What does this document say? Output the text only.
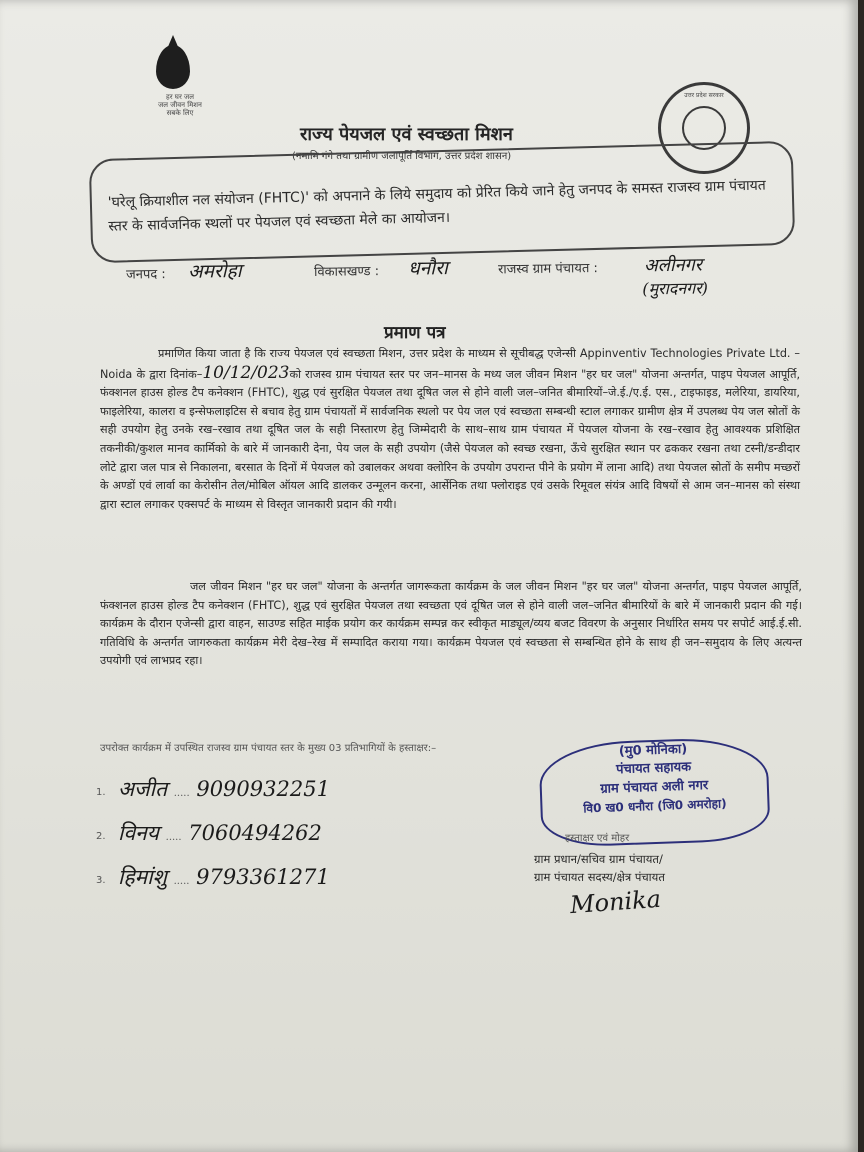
हर घर जल
जल जीवन मिशन
सबके लिए
उत्तर प्रदेश सरकार
राज्य पेयजल एवं स्वच्छता मिशन
(नमामि गंगे तथा ग्रामीण जलापूर्ति विभाग, उत्तर प्रदेश शासन)
'घरेलू क्रियाशील नल संयोजन (FHTC)' को अपनाने के लिये समुदाय को प्रेरित किये जाने हेतु जनपद के समस्त राजस्व ग्राम पंचायत स्तर के सार्वजनिक स्थलों पर पेयजल एवं स्वच्छता मेले का आयोजन।
जनपद : अमरोहा	विकासखण्ड : धनौरा	राजस्व ग्राम पंचायत :	अलीनगर
(मुरादनगर)
प्रमाण पत्र
प्रमाणित किया जाता है कि राज्य पेयजल एवं स्वच्छता मिशन, उत्तर प्रदेश के माध्यम से सूचीबद्ध एजेन्सी Appinventiv Technologies Private Ltd. – Noida के द्वारा दिनांक–10/12/023को राजस्व ग्राम पंचायत स्तर पर जन–मानस के मध्य जल जीवन मिशन "हर घर जल" योजना अन्तर्गत, पाइप पेयजल आपूर्ति, फंक्शनल हाउस होल्ड टैप कनेक्शन (FHTC), शुद्ध एवं सुरक्षित पेयजल तथा दूषित जल से होने वाली जल–जनित बीमारियों–जे.ई./ए.ई. एस., टाइफाइड, मलेरिया, डायरिया, फाइलेरिया, कालरा व इन्सेफलाइटिस से बचाव हेतु ग्राम पंचायतों में सार्वजनिक स्थलो पर पेय जल एवं स्वच्छता सम्बन्धी स्टाल लगाकर ग्रामीण क्षेत्र में उपलब्ध पेय जल स्रोतों के सही उपयोग हेतु उनके रख–रखाव तथा दूषित जल के सही निस्तारण हेतु जिम्मेदारी के साथ–साथ ग्राम पंचायत में पेयजल योजना के रख–रखाव हेतु आवश्यक प्रशिक्षित तकनीकी/कुशल मानव कार्मिको के बारे में जानकारी देना, पेय जल के सही उपयोग (जैसे पेयजल को स्वच्छ रखना, ऊँचे सुरक्षित स्थान पर ढककर रखना तथा टस्नी/डन्डीदार लोटे द्वारा जल पात्र से निकालना, बरसात के दिनों में पेयजल को उबालकर अथवा क्लोरिन के उपयोग उपरान्त पीने के प्रयोग में लाना आदि) तथा पेयजल स्रोतों के समीप मच्छरों के अण्डों एवं लार्वा का केरोसीन तेल/मोबिल ऑयल आदि डालकर उन्मूलन करना, आर्सेनिक तथा फ्लोराइड एवं उसके रिमूवल संयंत्र आदि विषयों से आम जन–मानस को संस्था द्वारा स्टाल लगाकर एक्सपर्ट के माध्यम से विस्तृत जानकारी प्रदान की गयी।
जल जीवन मिशन "हर घर जल" योजना के अन्तर्गत जागरूकता कार्यक्रम के जल जीवन मिशन "हर घर जल" योजना अन्तर्गत, पाइप पेयजल आपूर्ति, फंक्शनल हाउस होल्ड टैप कनेक्शन (FHTC), शुद्ध एवं सुरक्षित पेयजल तथा स्वच्छता एवं दूषित जल से होने वाली जल–जनित बीमारियों के बारे में जानकारी प्रदान की गई। कार्यक्रम के दौरान एजेन्सी द्वारा वाहन, साउण्ड सहित माईक प्रयोग कर कार्यक्रम सम्पन्न कर स्वीकृत माड्यूल/व्यय बजट विवरण के अनुसार निर्धारित समय पर सपोर्ट आई.ई.सी. गतिविधि के अन्तर्गत जागरुकता कार्यक्रम मेरी देख–रेख में सम्पादित कराया गया। कार्यक्रम पेयजल एवं स्वच्छता से सम्बन्धित होने के साथ ही जन–समुदाय के लिए अत्यन्त उपयोगी एवं लाभप्रद रहा।
उपरोक्त कार्यक्रम में उपस्थित राजस्व ग्राम पंचायत स्तर के मुख्य 03 प्रतिभागियों के हस्ताक्षर:–
1. अजीत ..... 9090932251
2. विनय ..... 7060494262
3. हिमांशु ..... 9793361271
(मु0 मोनिका)
पंचायत सहायक
ग्राम पंचायत अली नगर
वि0 ख0 धनौरा (जि0 अमरोहा)
हस्ताक्षर एवं मोहर
ग्राम प्रधान/सचिव ग्राम पंचायत/
ग्राम पंचायत सदस्य/क्षेत्र पंचायत
Monika
